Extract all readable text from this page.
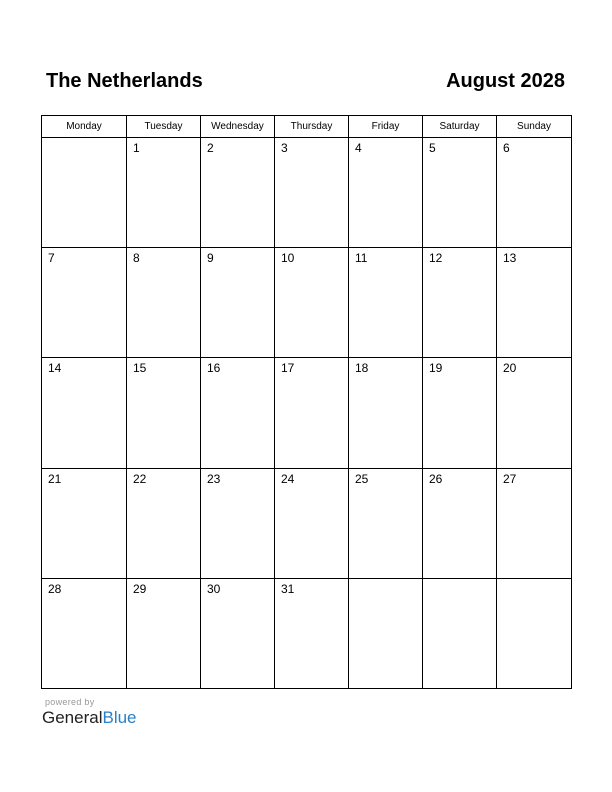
The Netherlands	August 2028
Monday	Tuesday	Wednesday	Thursday	Friday	Saturday	Sunday

	1	2	3	4	5	6

7	8	9	10	11	12	13

14	15	16	17	18	19	20

21	22	23	24	25	26	27

28	29	30	31			

powered by
GeneralBlue
